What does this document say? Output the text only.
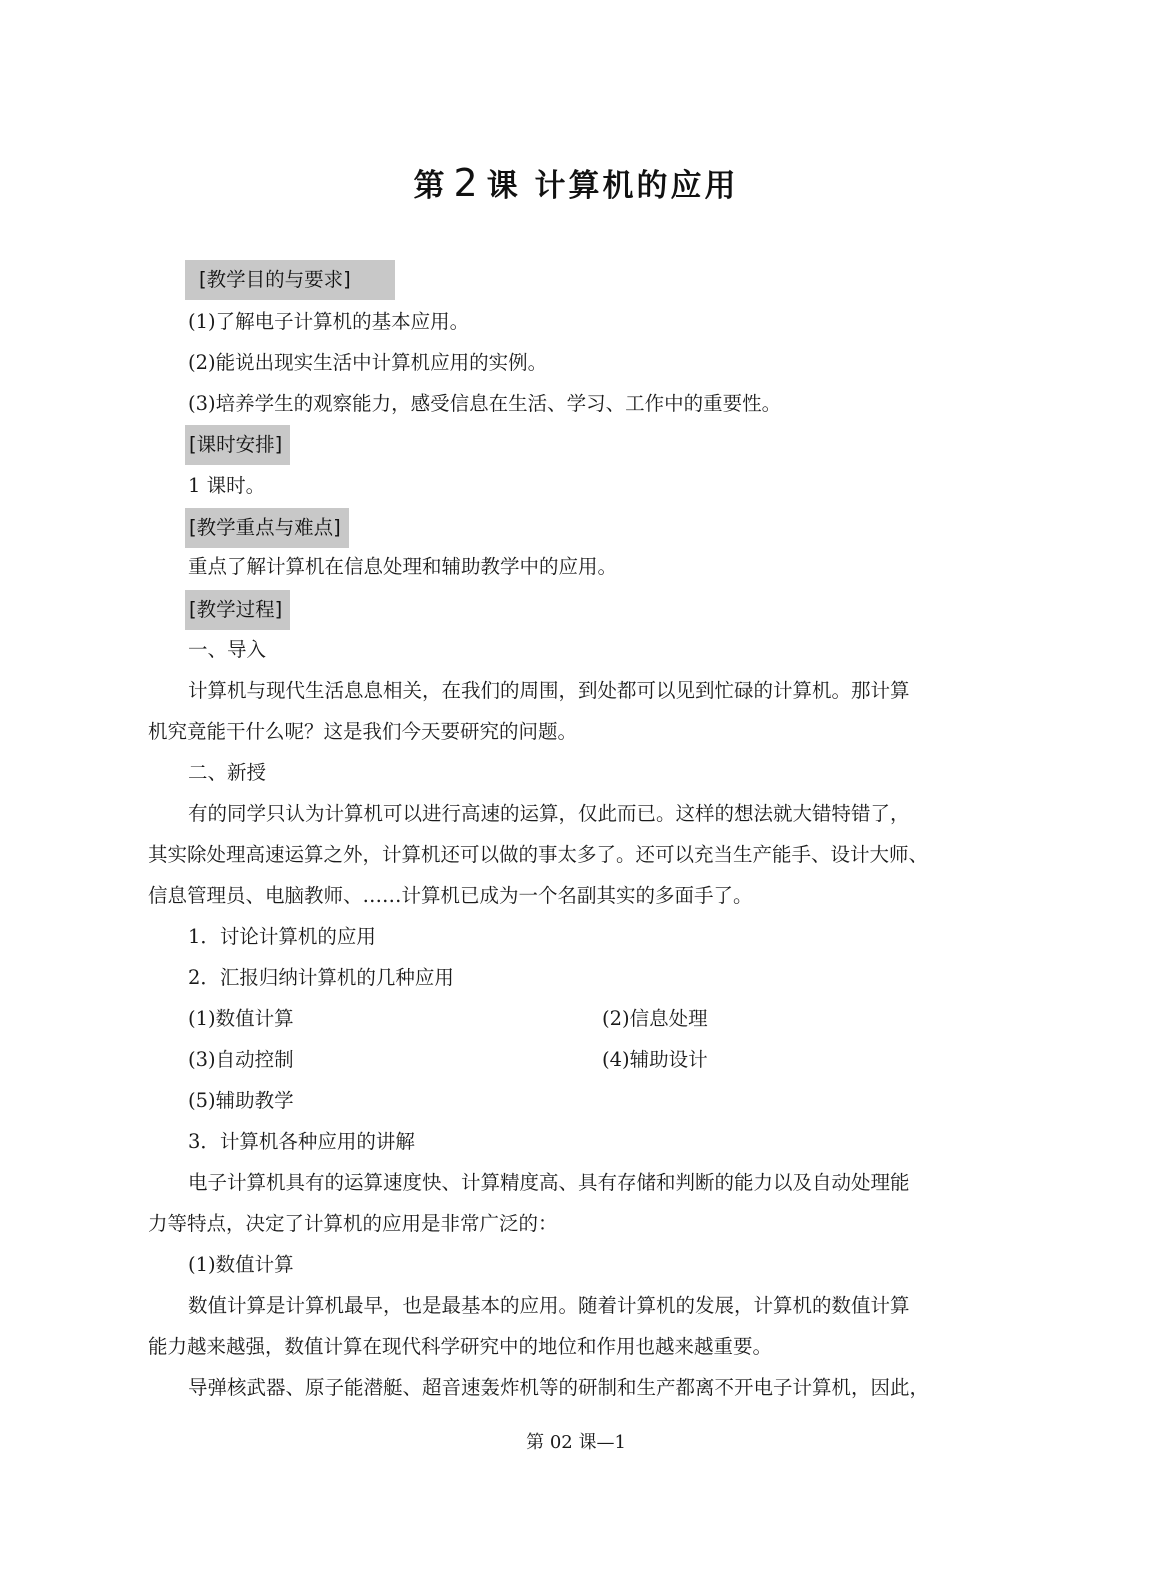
第 2 课 计算机的应用
[教学目的与要求]
(1)了解电子计算机的基本应用。
(2)能说出现实生活中计算机应用的实例。
(3)培养学生的观察能力，感受信息在生活、学习、工作中的重要性。
[课时安排]
1 课时。
[教学重点与难点]
重点了解计算机在信息处理和辅助教学中的应用。
[教学过程]
一、导入
计算机与现代生活息息相关，在我们的周围，到处都可以见到忙碌的计算机。那计算
机究竟能干什么呢？这是我们今天要研究的问题。
二、新授
有的同学只认为计算机可以进行高速的运算，仅此而已。这样的想法就大错特错了，
其实除处理高速运算之外，计算机还可以做的事太多了。还可以充当生产能手、设计大师、
信息管理员、电脑教师、……计算机已成为一个名副其实的多面手了。
1．讨论计算机的应用
2．汇报归纳计算机的几种应用
(1)数值计算	(2)信息处理
(3)自动控制	(4)辅助设计
(5)辅助教学
3．计算机各种应用的讲解
电子计算机具有的运算速度快、计算精度高、具有存储和判断的能力以及自动处理能
力等特点，决定了计算机的应用是非常广泛的：
(1)数值计算
数值计算是计算机最早，也是最基本的应用。随着计算机的发展，计算机的数值计算
能力越来越强，数值计算在现代科学研究中的地位和作用也越来越重要。
导弹核武器、原子能潜艇、超音速轰炸机等的研制和生产都离不开电子计算机，因此，
第 02 课—1
